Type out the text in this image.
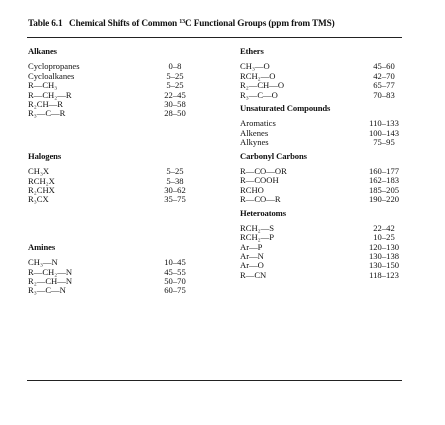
Table 6.1 Chemical Shifts of Common $^{13}$C Functional Groups (ppm from TMS)
Alkanes
Cyclopropanes	0–8
Cycloalkanes	5–25
R—CH₃	5–25
R—CH₂—R	22–45
R₂CH—R	30–58
R₃—C—R	28–50
Halogens
CH₃X	5–25
RCH₂X	5–38
R₂CHX	30–62
R₃CX	35–75
Amines
CH₃—N	10–45
R—CH₂—N	45–55
R₂—CH—N	50–70
R₃—C—N	60–75
Ethers
CH₃—O	45–60
RCH₂—O	42–70
R₂—CH—O	65–77
R₃—C—O	70–83
Unsaturated Compounds
Aromatics	110–133
Alkenes	100–143
Alkynes	75–95
Carbonyl Carbons
R—CO—OR	160–177
R—COOH	162–183
RCHO	185–205
R—CO—R	190–220
Heteroatoms
RCH₂—S	22–42
RCH₂—P	10–25
Ar—P	120–130
Ar—N	130–138
Ar—O	130–150
R—CN	118–123
